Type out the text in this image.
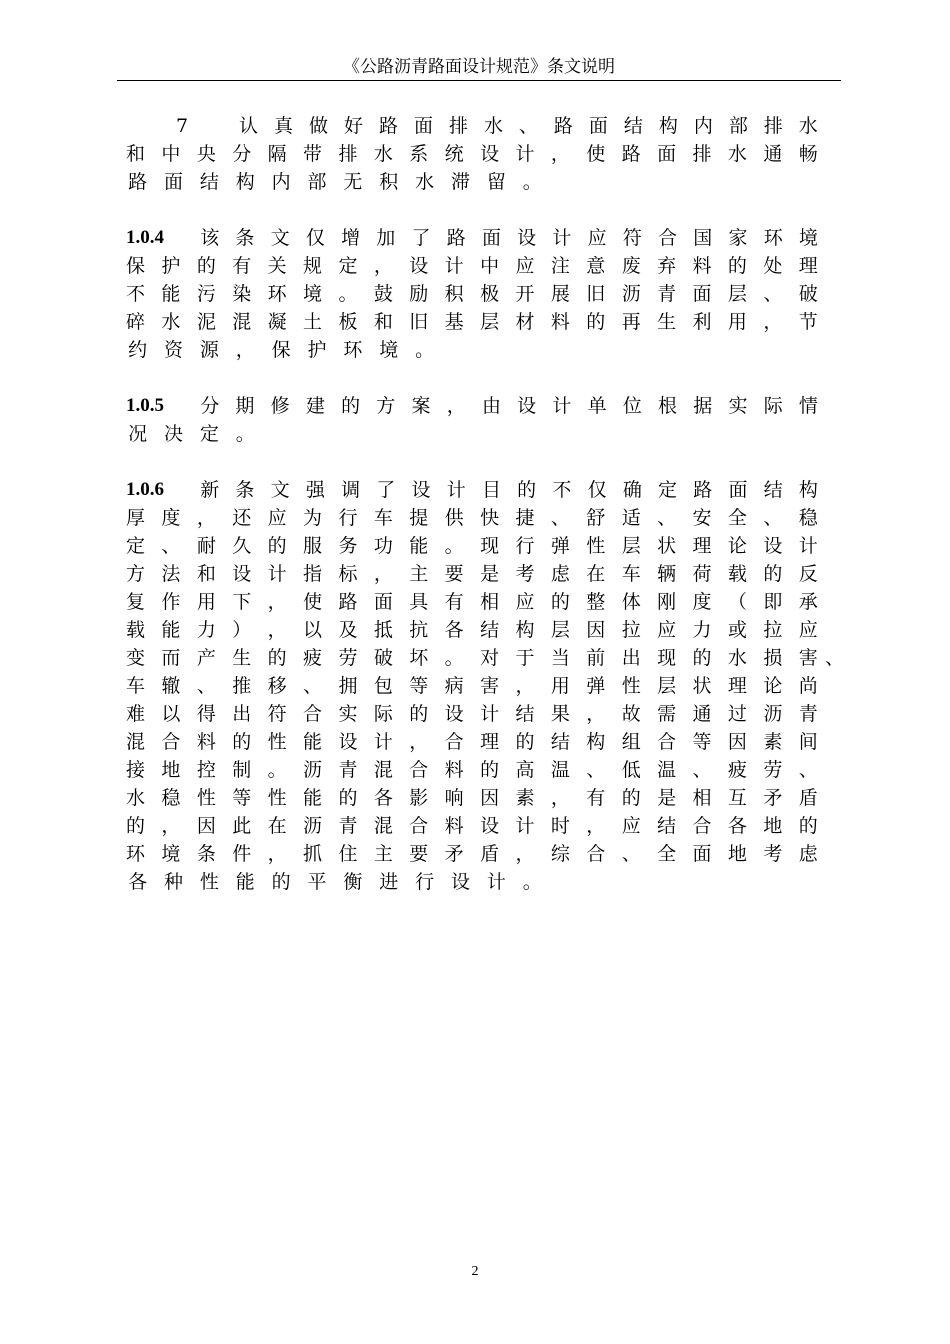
《公路沥青路面设计规范》条文说明
7
　	认 真 做 好 路 面 排 水 、 路 面 结 构 内 部 排 水
和 中 央 分 隔 带 排 水 系 统 设 计 ， 使 路 面 排 水 通 畅
路 面 结 构 内 部 无 积 水 滞 留 。
1.0.4	该 条 文 仅 增 加 了 路 面 设 计 应 符 合 国 家 环 境
保 护 的 有 关 规 定 ， 设 计 中 应 注 意 废 弃 料 的 处 理
不 能 污 染 环 境 。 鼓 励 积 极 开 展 旧 沥 青 面 层 、 破
碎 水 泥 混 凝 土 板 和 旧 基 层 材 料 的 再 生 利 用 ， 节
约 资 源 ， 保 护 环 境 。
1.0.5	分 期 修 建 的 方 案 ， 由 设 计 单 位 根 据 实 际 情
况 决 定 。
1.0.6	新 条 文 强 调 了 设 计 目 的 不 仅 确 定 路 面 结 构
厚 度 ， 还 应 为 行 车 提 供 快 捷 、 舒 适 、 安 全 、 稳
定 、 耐 久 的 服 务 功 能 。 现 行 弹 性 层 状 理 论 设 计
方 法 和 设 计 指 标 ， 主 要 是 考 虑 在 车 辆 荷 载 的 反
复 作 用 下 ， 使 路 面 具 有 相 应 的 整 体 刚 度 （ 即 承
载 能 力 ） ， 以 及 抵 抗 各 结 构 层 因 拉 应 力 或 拉 应
变 而 产 生 的 疲 劳 破 坏 。 对 于 当 前 出 现 的 水 损 害 、
车 辙 、 推 移 、 拥 包 等 病 害 ， 用 弹 性 层 状 理 论 尚
难 以 得 出 符 合 实 际 的 设 计 结 果 ， 故 需 通 过 沥 青
混 合 料 的 性 能 设 计 ， 合 理 的 结 构 组 合 等 因 素 间
接 地 控 制 。 沥 青 混 合 料 的 高 温 、 低 温 、 疲 劳 、
水 稳 性 等 性 能 的 各 影 响 因 素 ， 有 的 是 相 互 矛 盾
的 ， 因 此 在 沥 青 混 合 料 设 计 时 ， 应 结 合 各 地 的
环 境 条 件 ， 抓 住 主 要 矛 盾 ， 综 合 、 全 面 地 考 虑
各 种 性 能 的 平 衡 进 行 设 计 。
2
